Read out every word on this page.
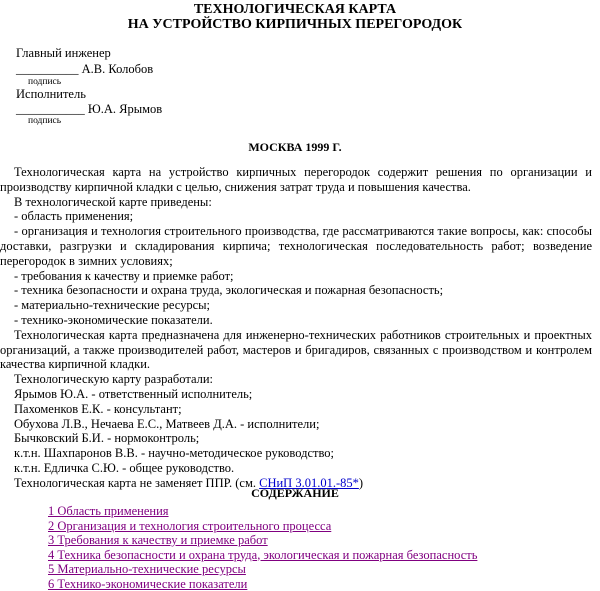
ТЕХНОЛОГИЧЕСКАЯ КАРТА
НА УСТРОЙСТВО КИРПИЧНЫХ ПЕРЕГОРОДОК
Главный инженер
__________ А.В. Колобов
подпись
Исполнитель
___________ Ю.А. Ярымов
подпись
МОСКВА 1999 Г.

Технологическая карта на устройство кирпичных перегородок содержит решения по организации и производству кирпичной кладки с целью, снижения затрат труда и повышения качества.

В технологической карте приведены:

- область применения;

- организация и технология строительного производства, где рассматриваются такие вопросы, как: способы доставки, разгрузки и складирования кирпича; технологическая последовательность работ; возведение перегородок в зимних условиях;

- требования к качеству и приемке работ;

- техника безопасности и охрана труда, экологическая и пожарная безопасность;

- материально-технические ресурсы;

- технико-экономические показатели.

Технологическая карта предназначена для инженерно-технических работников строительных и проектных организаций, а также производителей работ, мастеров и бригадиров, связанных с производством и контролем качества кирпичной кладки.

Технологическую карту разработали:

Ярымов Ю.А. - ответственный исполнитель;

Пахоменков Е.К. - консультант;

Обухова Л.В., Нечаева Е.С., Матвеев Д.А. - исполнители;

Бычковский Б.И. - нормоконтроль;

к.т.н. Шахпаронов В.В. - научно-методическое руководство;

к.т.н. Едличка С.Ю. - общее руководство.

Технологическая карта не заменяет ППР. (см. СНиП 3.01.01.-85*)

СОДЕРЖАНИЕ
1 Область применения
2 Организация и технология строительного процесса
3 Требования к качеству и приемке работ
4 Техника безопасности и охрана труда, экологическая и пожарная безопасность
5 Материально-технические ресурсы
6 Технико-экономические показатели
